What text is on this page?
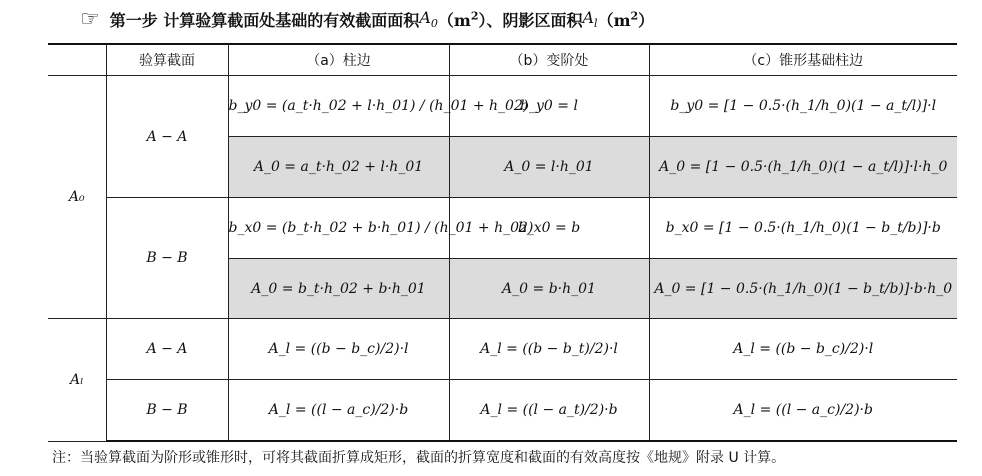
☞ 第一步 计算验算截面处基础的有效截面面积 $A_0$ $(m^2)$、阴影区面积 $A_l$ $(m^2)$
	验算截面	（a）柱边	（b）变阶处	（c）锥形基础柱边
A₀	A − A	b_y0 = (a_t·h_02 + l·h_01) / (h_01 + h_02)	b_y0 = l	b_y0 = [1 − 0.5·(h_1/h_0)(1 − a_t/l)]·l
		A_0 = a_t·h_02 + l·h_01	A_0 = l·h_01	A_0 = [1 − 0.5·(h_1/h_0)(1 − a_t/l)]·l·h_0
	B − B	b_x0 = (b_t·h_02 + b·h_01) / (h_01 + h_02)	b_x0 = b	b_x0 = [1 − 0.5·(h_1/h_0)(1 − b_t/b)]·b
		A_0 = b_t·h_02 + b·h_01	A_0 = b·h_01	A_0 = [1 − 0.5·(h_1/h_0)(1 − b_t/b)]·b·h_0
Aₗ	A − A	A_l = ((b − b_c)/2)·l	A_l = ((b − b_t)/2)·l	A_l = ((b − b_c)/2)·l
	B − B	A_l = ((l − a_c)/2)·b	A_l = ((l − a_t)/2)·b	A_l = ((l − a_c)/2)·b
注：当验算截面为阶形或锥形时，可将其截面折算成矩形，截面的折算宽度和截面的有效高度按《地规》附录 U 计算。
